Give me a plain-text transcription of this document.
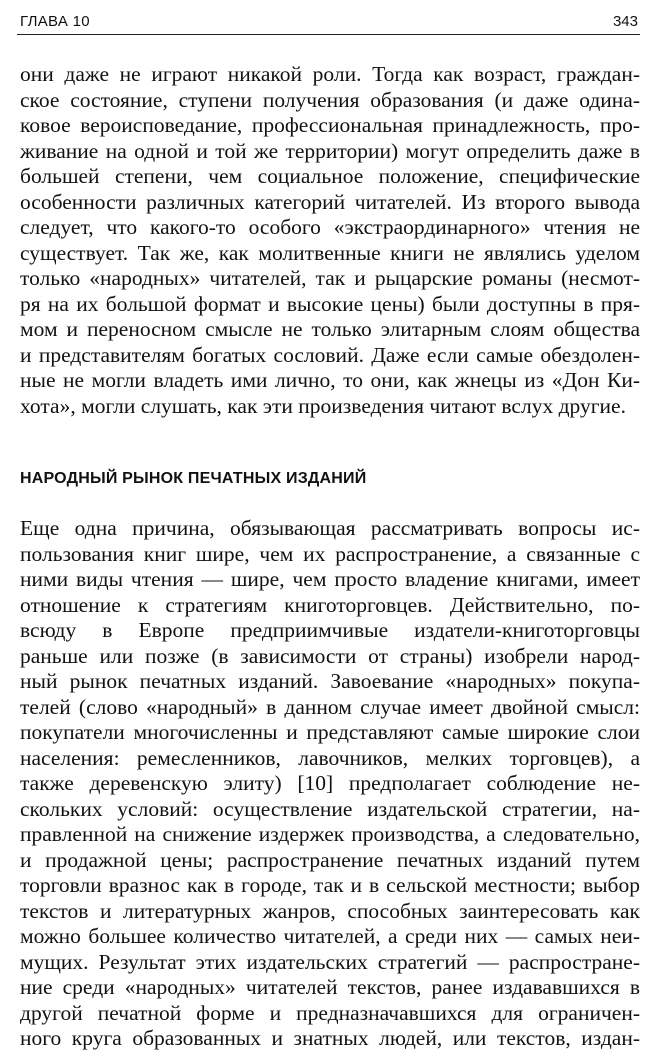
ГЛАВА 10	343
они даже не играют никакой роли. Тогда как возраст, граждан-
ское состояние, ступени получения образования (и даже одина-
ковое вероисповедание, профессиональная принадлежность, про-
живание на одной и той же территории) могут определить даже в
большей степени, чем социальное положение, специфические
особенности различных категорий читателей. Из второго вывода
следует, что какого-то особого «экстраординарного» чтения не
существует. Так же, как молитвенные книги не являлись уделом
только «народных» читателей, так и рыцарские романы (несмот-
ря на их большой формат и высокие цены) были доступны в пря-
мом и переносном смысле не только элитарным слоям общества
и представителям богатых сословий. Даже если самые обездолен-
ные не могли владеть ими лично, то они, как жнецы из «Дон Ки-
хота», могли слушать, как эти произведения читают вслух другие.
НАРОДНЫЙ РЫНОК ПЕЧАТНЫХ ИЗДАНИЙ
Еще одна причина, обязывающая рассматривать вопросы ис-
пользования книг шире, чем их распространение, а связанные с
ними виды чтения — шире, чем просто владение книгами, имеет
отношение к стратегиям книготорговцев. Действительно, по-
всюду в Европе предприимчивые издатели-книготорговцы
раньше или позже (в зависимости от страны) изобрели народ-
ный рынок печатных изданий. Завоевание «народных» покупа-
телей (слово «народный» в данном случае имеет двойной смысл:
покупатели многочисленны и представляют самые широкие слои
населения: ремесленников, лавочников, мелких торговцев), а
также деревенскую элиту) [10] предполагает соблюдение не-
скольких условий: осуществление издательской стратегии, на-
правленной на снижение издержек производства, а следовательно,
и продажной цены; распространение печатных изданий путем
торговли вразнос как в городе, так и в сельской местности; выбор
текстов и литературных жанров, способных заинтересовать как
можно большее количество читателей, а среди них — самых неи-
мущих. Результат этих издательских стратегий — распростране-
ние среди «народных» читателей текстов, ранее издававшихся в
другой печатной форме и предназначавшихся для ограничен-
ного круга образованных и знатных людей, или текстов, издан-
